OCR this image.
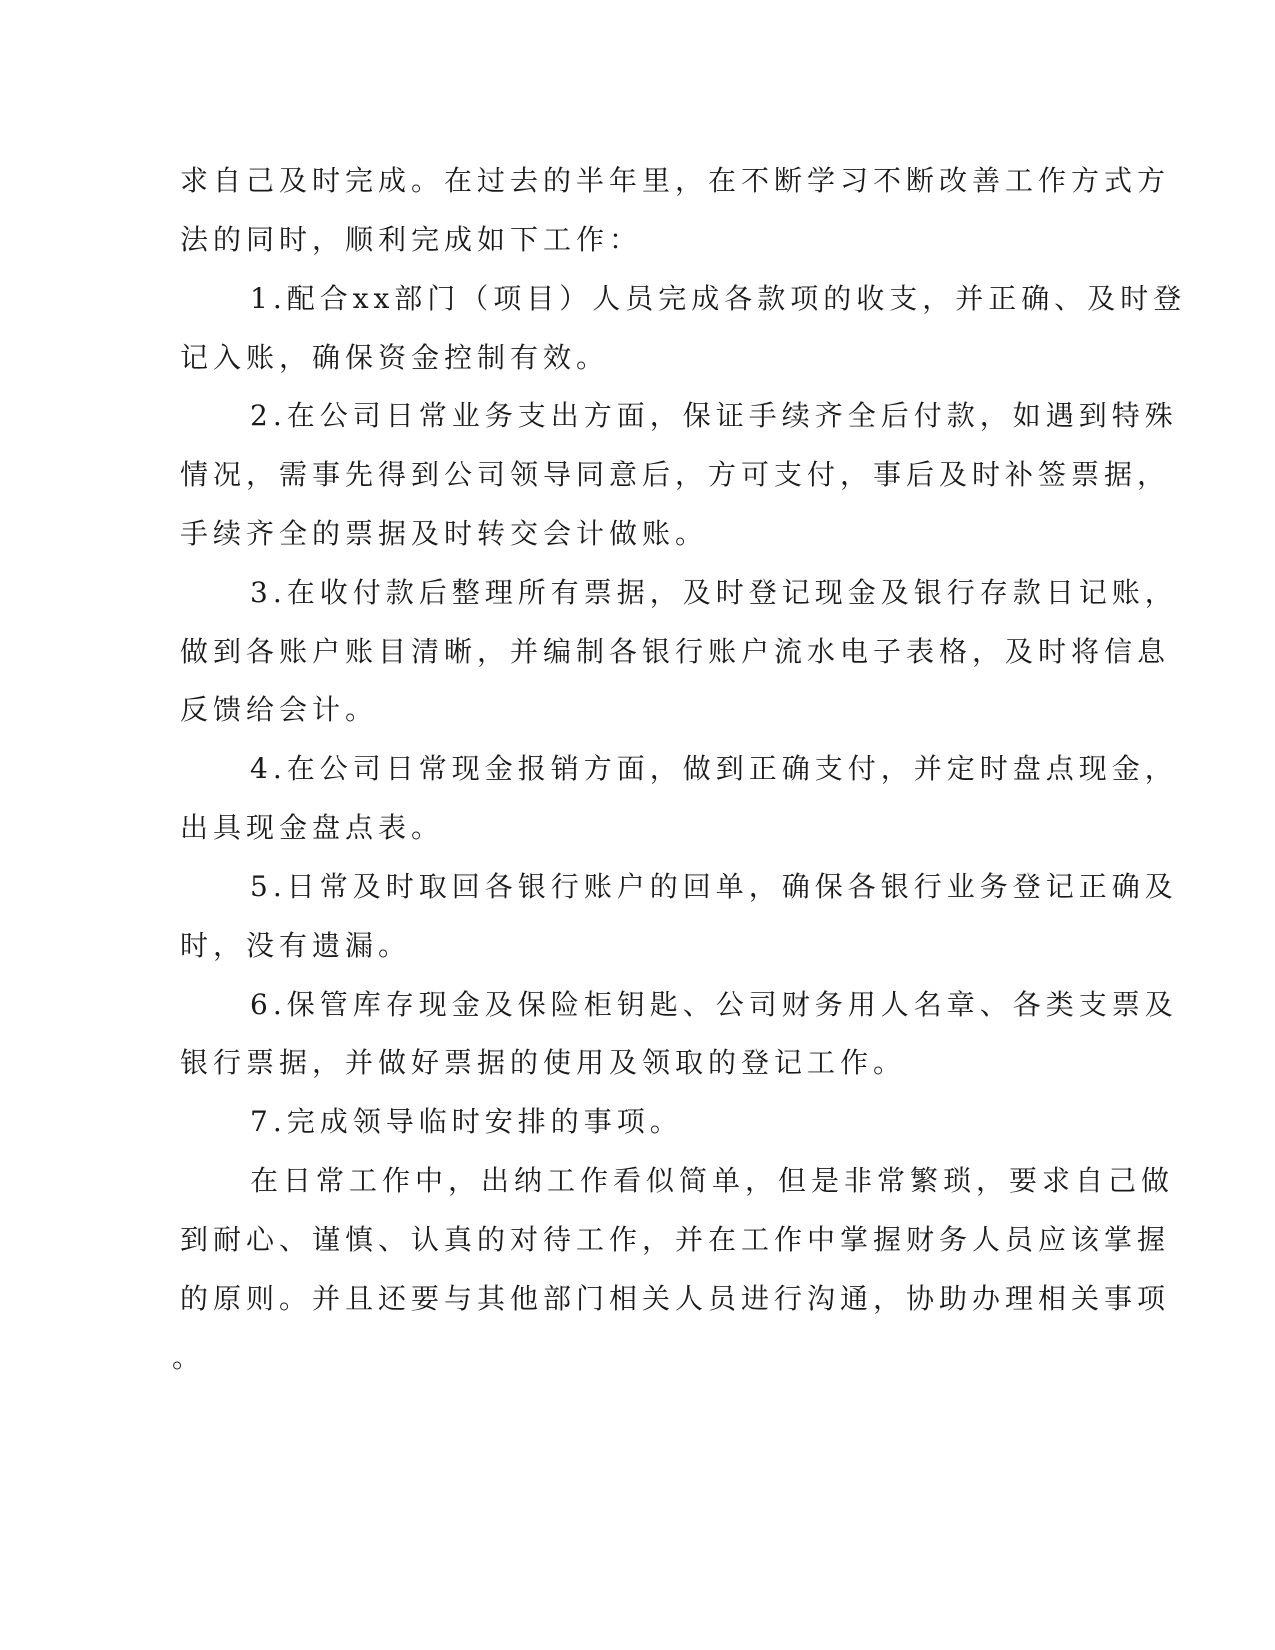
求自己及时完成。在过去的半年里，在不断学习不断改善工作方式方
法的同时，顺利完成如下工作：
1.配合xx部门（项目）人员完成各款项的收支，并正确、及时登
记入账，确保资金控制有效。
2.在公司日常业务支出方面，保证手续齐全后付款，如遇到特殊
情况，需事先得到公司领导同意后，方可支付，事后及时补签票据，
手续齐全的票据及时转交会计做账。
3.在收付款后整理所有票据，及时登记现金及银行存款日记账，
做到各账户账目清晰，并编制各银行账户流水电子表格，及时将信息
反馈给会计。
4.在公司日常现金报销方面，做到正确支付，并定时盘点现金，
出具现金盘点表。
5.日常及时取回各银行账户的回单，确保各银行业务登记正确及
时，没有遗漏。
6.保管库存现金及保险柜钥匙、公司财务用人名章、各类支票及
银行票据，并做好票据的使用及领取的登记工作。
7.完成领导临时安排的事项。
在日常工作中，出纳工作看似简单，但是非常繁琐，要求自己做
到耐心、谨慎、认真的对待工作，并在工作中掌握财务人员应该掌握
的原则。并且还要与其他部门相关人员进行沟通，协助办理相关事项
。
